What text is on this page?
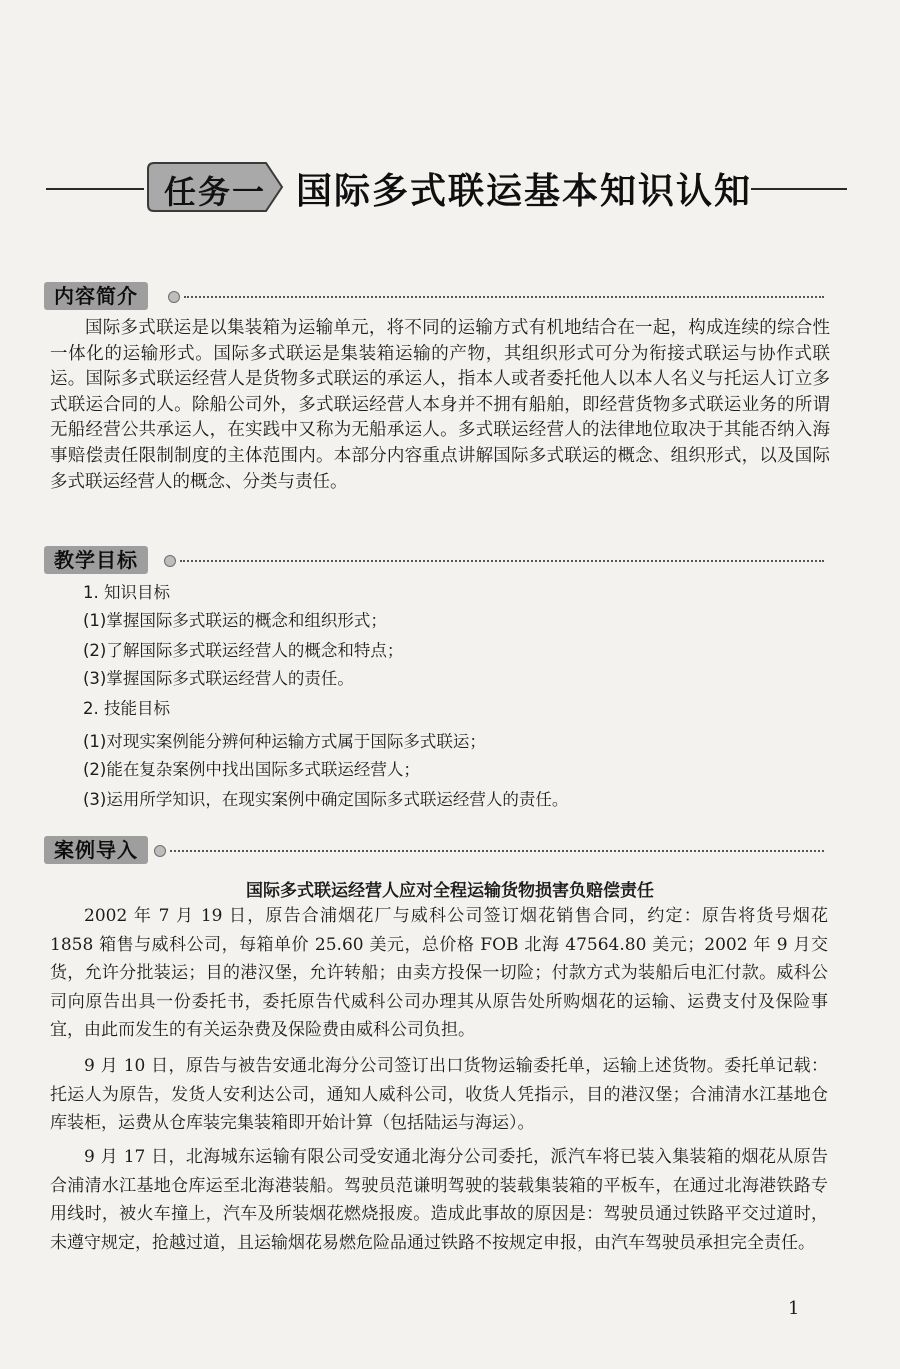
任务一 国际多式联运基本知识认知
内容简介

国际多式联运是以集装箱为运输单元，将不同的运输方式有机地结合在一起，构成连续的综合性一体化的运输形式。国际多式联运是集装箱运输的产物，其组织形式可分为衔接式联运与协作式联运。国际多式联运经营人是货物多式联运的承运人，指本人或者委托他人以本人名义与托运人订立多式联运合同的人。除船公司外，多式联运经营人本身并不拥有船舶，即经营货物多式联运业务的所谓无船经营公共承运人，在实践中又称为无船承运人。多式联运经营人的法律地位取决于其能否纳入海事赔偿责任限制制度的主体范围内。本部分内容重点讲解国际多式联运的概念、组织形式，以及国际多式联运经营人的概念、分类与责任。

教学目标
1. 知识目标
(1)掌握国际多式联运的概念和组织形式；
(2)了解国际多式联运经营人的概念和特点；
(3)掌握国际多式联运经营人的责任。
2. 技能目标
(1)对现实案例能分辨何种运输方式属于国际多式联运；
(2)能在复杂案例中找出国际多式联运经营人；
(3)运用所学知识，在现实案例中确定国际多式联运经营人的责任。
案例导入
国际多式联运经营人应对全程运输货物损害负赔偿责任

2002 年 7 月 19 日，原告合浦烟花厂与威科公司签订烟花销售合同，约定：原告将货号烟花 1858 箱售与威科公司，每箱单价 25.60 美元，总价格 FOB 北海 47564.80 美元；2002 年 9 月交货，允许分批装运；目的港汉堡，允许转船；由卖方投保一切险；付款方式为装船后电汇付款。威科公司向原告出具一份委托书，委托原告代威科公司办理其从原告处所购烟花的运输、运费支付及保险事宜，由此而发生的有关运杂费及保险费由威科公司负担。

9 月 10 日，原告与被告安通北海分公司签订出口货物运输委托单，运输上述货物。委托单记载：托运人为原告，发货人安利达公司，通知人威科公司，收货人凭指示，目的港汉堡；合浦清水江基地仓库装柜，运费从仓库装完集装箱即开始计算（包括陆运与海运）。

9 月 17 日，北海城东运输有限公司受安通北海分公司委托，派汽车将已装入集装箱的烟花从原告合浦清水江基地仓库运至北海港装船。驾驶员范谦明驾驶的装载集装箱的平板车，在通过北海港铁路专用线时，被火车撞上，汽车及所装烟花燃烧报废。造成此事故的原因是：驾驶员通过铁路平交过道时，未遵守规定，抢越过道，且运输烟花易燃危险品通过铁路不按规定申报，由汽车驾驶员承担完全责任。

1
